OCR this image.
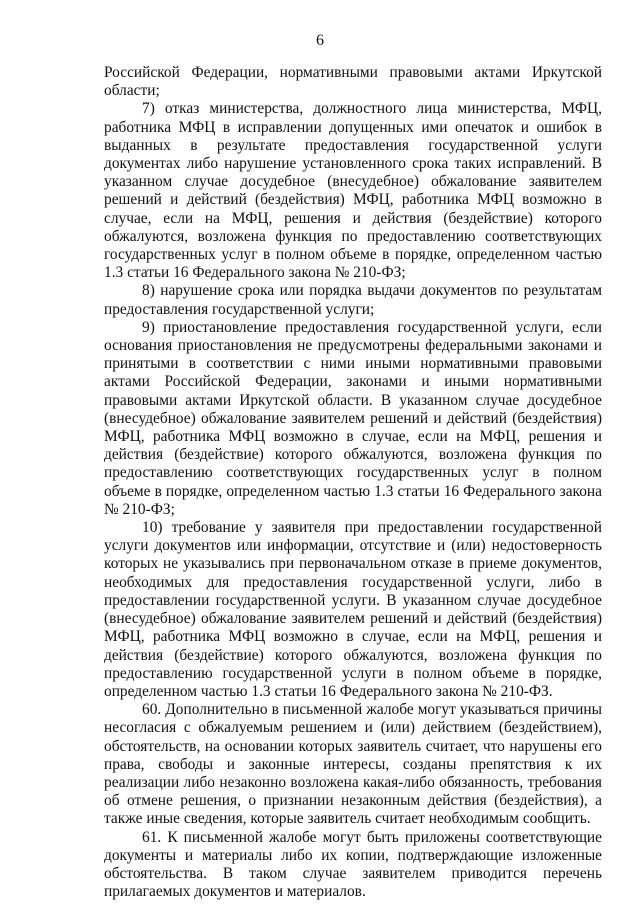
6

Российской Федерации, нормативными правовыми актами Иркутской области;

7) отказ министерства, должностного лица министерства, МФЦ, работника МФЦ в исправлении допущенных ими опечаток и ошибок в выданных в результате предоставления государственной услуги документах либо нарушение установленного срока таких исправлений. В указанном случае досудебное (внесудебное) обжалование заявителем решений и действий (бездействия) МФЦ, работника МФЦ возможно в случае, если на МФЦ, решения и действия (бездействие) которого обжалуются, возложена функция по предоставлению соответствующих государственных услуг в полном объеме в порядке, определенном частью 1.3 статьи 16 Федерального закона № 210-ФЗ;

8) нарушение срока или порядка выдачи документов по результатам предоставления государственной услуги;

9) приостановление предоставления государственной услуги, если основания приостановления не предусмотрены федеральными законами и принятыми в соответствии с ними иными нормативными правовыми актами Российской Федерации, законами и иными нормативными правовыми актами Иркутской области. В указанном случае досудебное (внесудебное) обжалование заявителем решений и действий (бездействия) МФЦ, работника МФЦ возможно в случае, если на МФЦ, решения и действия (бездействие) которого обжалуются, возложена функция по предоставлению соответствующих государственных услуг в полном объеме в порядке, определенном частью 1.3 статьи 16 Федерального закона № 210-ФЗ;

10) требование у заявителя при предоставлении государственной услуги документов или информации, отсутствие и (или) недостоверность которых не указывались при первоначальном отказе в приеме документов, необходимых для предоставления государственной услуги, либо в предоставлении государственной услуги. В указанном случае досудебное (внесудебное) обжалование заявителем решений и действий (бездействия) МФЦ, работника МФЦ возможно в случае, если на МФЦ, решения и действия (бездействие) которого обжалуются, возложена функция по предоставлению государственной услуги в полном объеме в порядке, определенном частью 1.3 статьи 16 Федерального закона № 210-ФЗ.

60. Дополнительно в письменной жалобе могут указываться причины несогласия с обжалуемым решением и (или) действием (бездействием), обстоятельств, на основании которых заявитель считает, что нарушены его права, свободы и законные интересы, созданы препятствия к их реализации либо незаконно возложена какая-либо обязанность, требования об отмене решения, о признании незаконным действия (бездействия), а также иные сведения, которые заявитель считает необходимым сообщить.

61. К письменной жалобе могут быть приложены соответствующие документы и материалы либо их копии, подтверждающие изложенные обстоятельства. В таком случае заявителем приводится перечень прилагаемых документов и материалов.
